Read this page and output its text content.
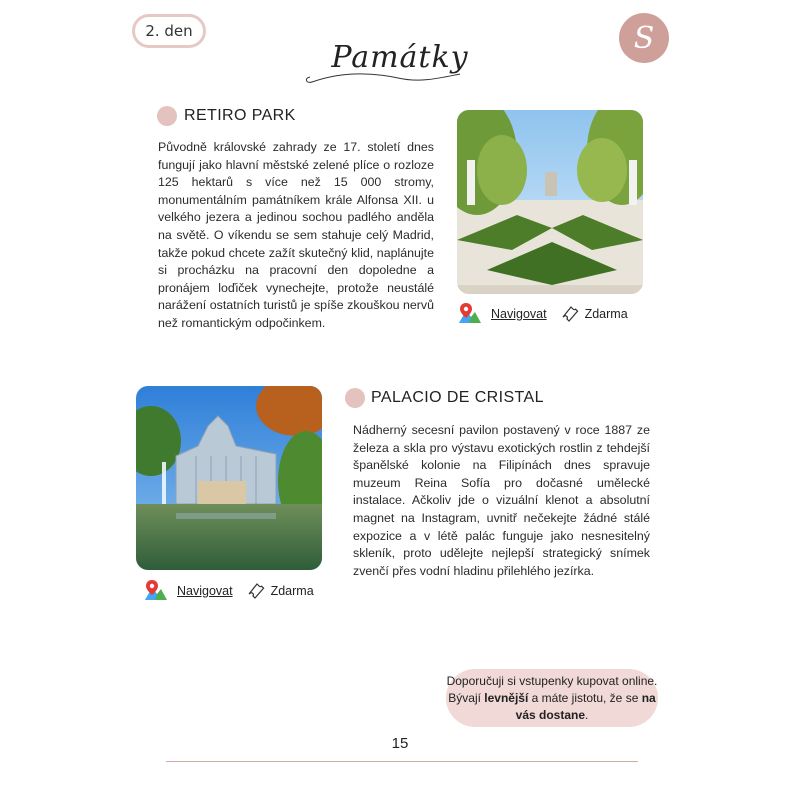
2. den	S
Památky
RETIRO PARK
Původně královské zahrady ze 17. století dnes fungují jako hlavní městské zelené plíce o rozloze 125 hektarů s více než 15 000 stromy, monumentálním památníkem krále Alfonsa XII. u velkého jezera a jedinou sochou padlého anděla na světě. O víkendu se sem stahuje celý Madrid, takže pokud chcete zažít skutečný klid, naplánujte si procházku na pracovní den dopoledne a pronájem loďiček vynechejte, protože neustálé narážení ostatních turistů je spíše zkouškou nervů než romantickým odpočinkem.
Navigovat	Zdarma
PALACIO DE CRISTAL
Nádherný secesní pavilon postavený v roce 1887 ze železa a skla pro výstavu exotických rostlin z tehdejší španělské kolonie na Filipínách dnes spravuje muzeum Reina Sofía pro dočasné umělecké instalace. Ačkoliv jde o vizuální klenot a absolutní magnet na Instagram, uvnitř nečekejte žádné stálé expozice a v létě palác funguje jako nesnesitelný skleník, proto udělejte nejlepší strategický snímek zvenčí přes vodní hladinu přilehlého jezírka.
Navigovat	Zdarma
Doporučuji si vstupenky kupovat online. Bývají levnější a máte jistotu, že se na vás dostane.
15
